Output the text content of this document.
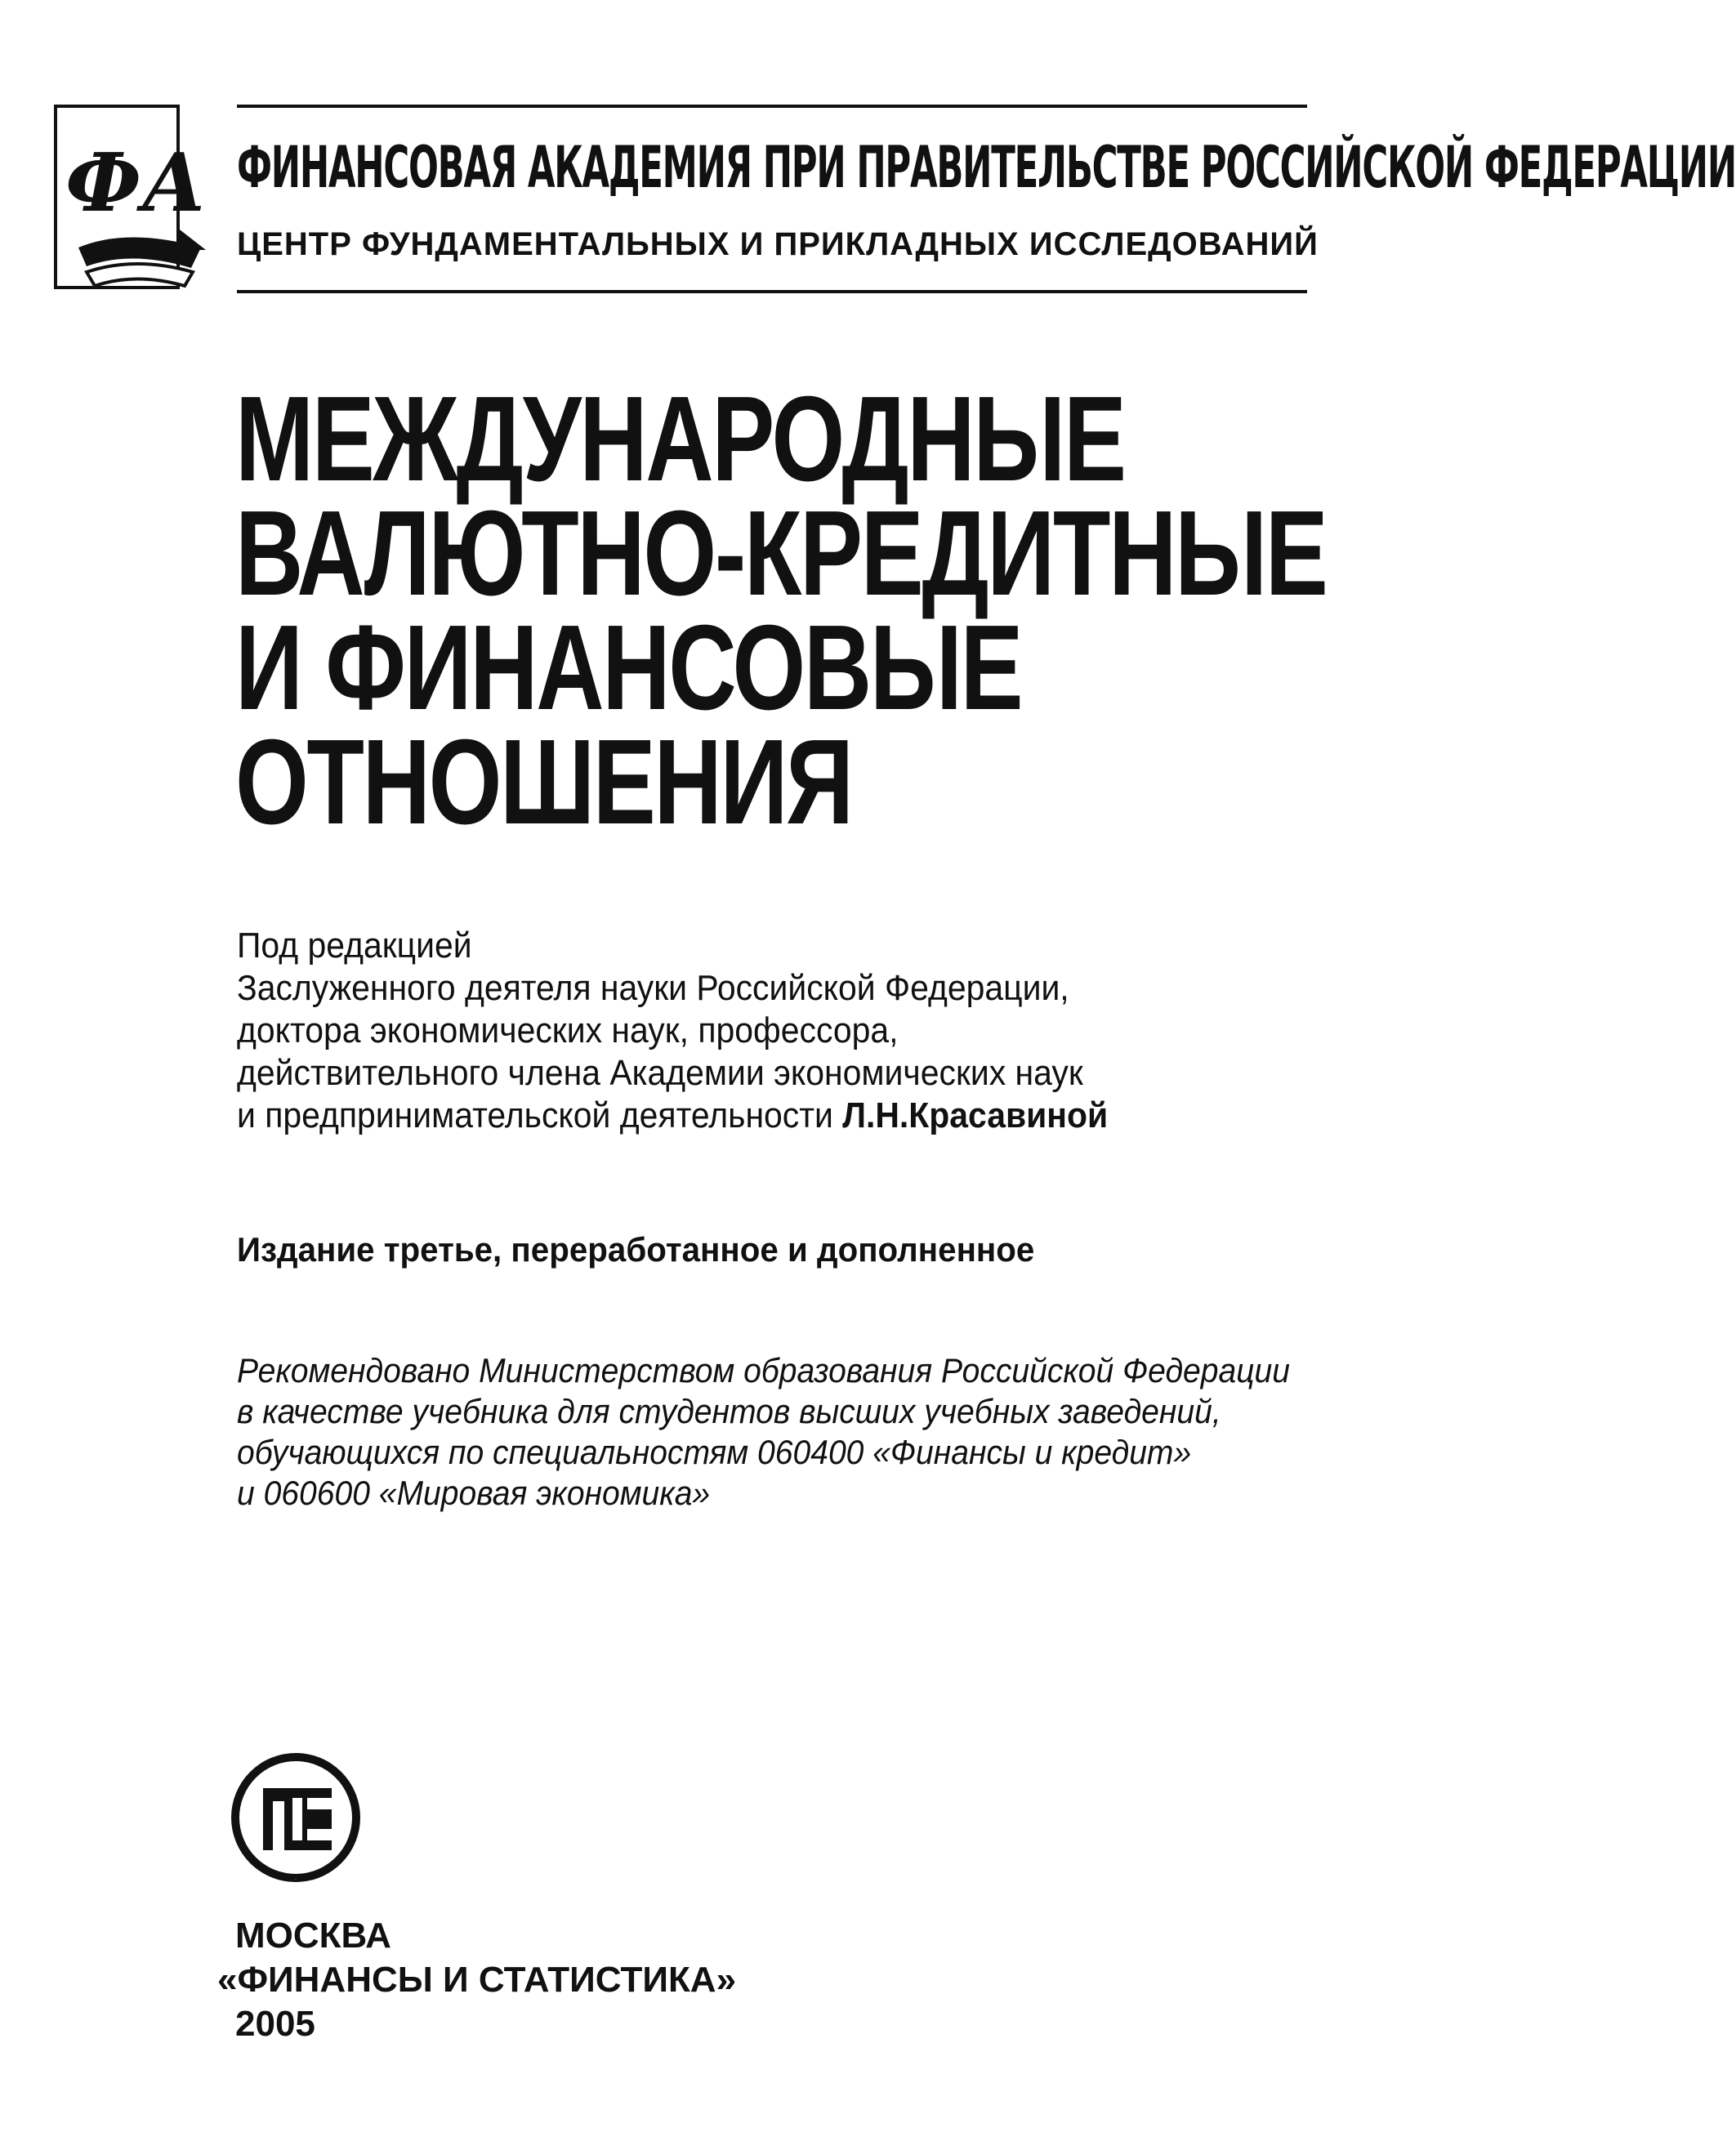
ФА ФИНАНСОВАЯ АКАДЕМИЯ ПРИ ПРАВИТЕЛЬСТВЕ РОССИЙСКОЙ ФЕДЕРАЦИИ
ЦЕНТР ФУНДАМЕНТАЛЬНЫХ И ПРИКЛАДНЫХ ИССЛЕДОВАНИЙ
МЕЖДУНАРОДНЫЕ
ВАЛЮТНО-КРЕДИТНЫЕ
И ФИНАНСОВЫЕ
ОТНОШЕНИЯ
Под редакцией
Заслуженного деятеля науки Российской Федерации,
доктора экономических наук, профессора,
действительного члена Академии экономических наук
и предпринимательской деятельности Л.Н.Красавиной
Издание третье, переработанное и дополненное
Рекомендовано Министерством образования Российской Федерации
в качестве учебника для студентов высших учебных заведений,
обучающихся по специальностям 060400 «Финансы и кредит»
и 060600 «Мировая экономика»
ФС
МОСКВА
«ФИНАНСЫ И СТАТИСТИКА»
2005
